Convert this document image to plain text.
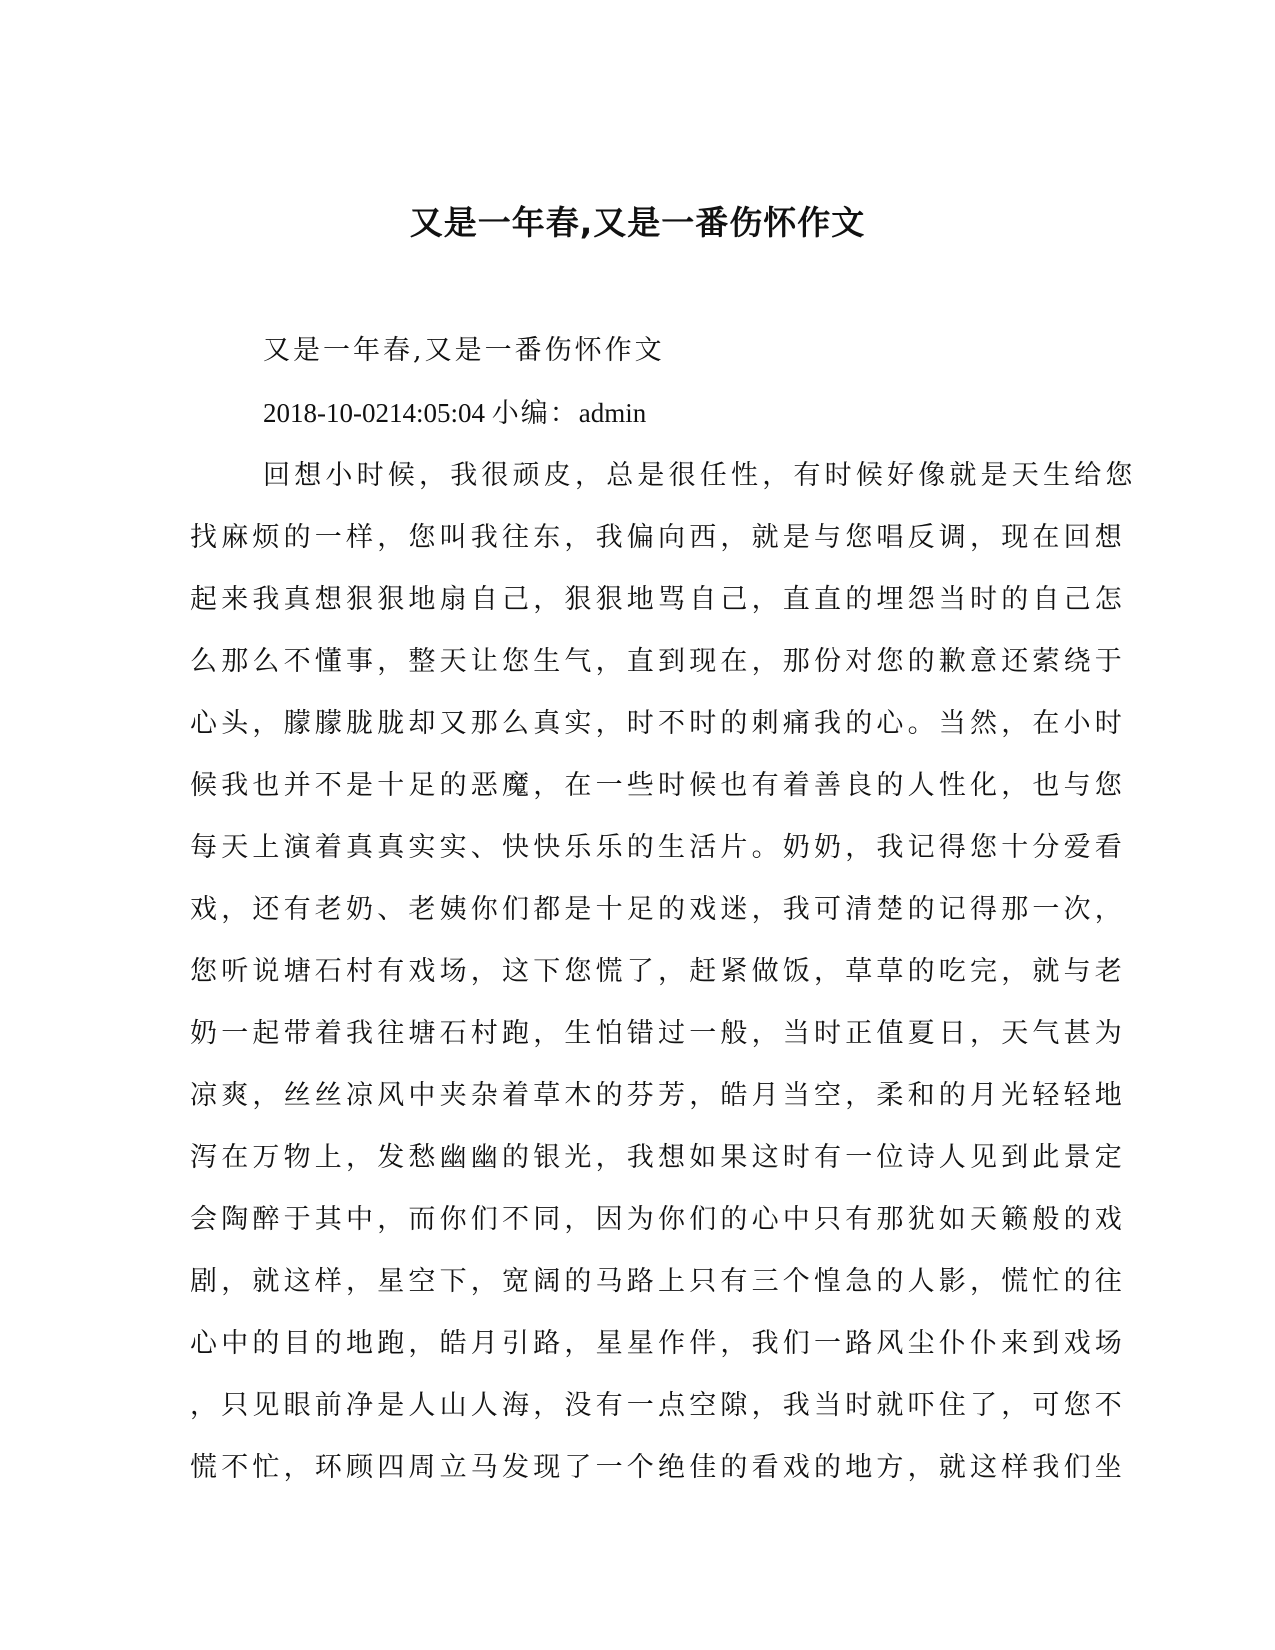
又是一年春,又是一番伤怀作文

又是一年春,又是一番伤怀作文

2018-10-0214:05:04 小编：admin

回想小时候，我很顽皮，总是很任性，有时候好像就是天生给您
找麻烦的一样，您叫我往东，我偏向西，就是与您唱反调，现在回想
起来我真想狠狠地扇自己，狠狠地骂自己，直直的埋怨当时的自己怎
么那么不懂事，整天让您生气，直到现在，那份对您的歉意还萦绕于
心头，朦朦胧胧却又那么真实，时不时的刺痛我的心。当然，在小时
候我也并不是十足的恶魔，在一些时候也有着善良的人性化，也与您
每天上演着真真实实、快快乐乐的生活片。奶奶，我记得您十分爱看
戏，还有老奶、老姨你们都是十足的戏迷，我可清楚的记得那一次，
您听说塘石村有戏场，这下您慌了，赶紧做饭，草草的吃完，就与老
奶一起带着我往塘石村跑，生怕错过一般，当时正值夏日，天气甚为
凉爽，丝丝凉风中夹杂着草木的芬芳，皓月当空，柔和的月光轻轻地
泻在万物上，发愁幽幽的银光，我想如果这时有一位诗人见到此景定
会陶醉于其中，而你们不同，因为你们的心中只有那犹如天籁般的戏
剧，就这样，星空下，宽阔的马路上只有三个惶急的人影，慌忙的往
心中的目的地跑，皓月引路，星星作伴，我们一路风尘仆仆来到戏场
，只见眼前净是人山人海，没有一点空隙，我当时就吓住了，可您不
慌不忙，环顾四周立马发现了一个绝佳的看戏的地方，就这样我们坐
